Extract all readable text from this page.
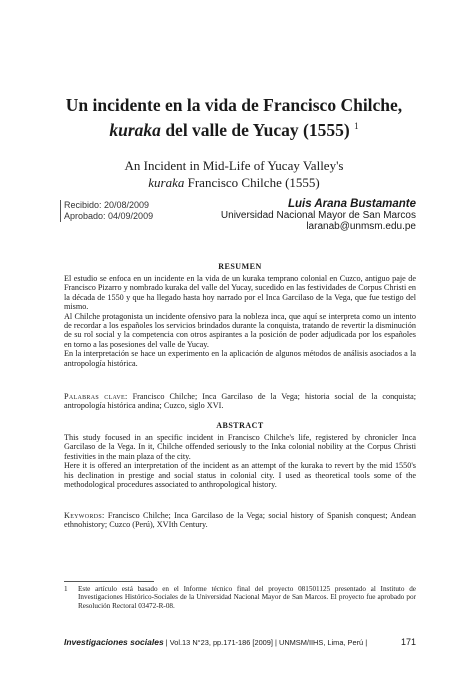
Un incidente en la vida de Francisco Chilche,
kuraka del valle de Yucay (1555) $^1$
An Incident in Mid-Life of Yucay Valley's
kuraka Francisco Chilche (1555)
Recibido: 20/08/2009
Aprobado: 04/09/2009
Luis Arana Bustamante
Universidad Nacional Mayor de San Marcos
laranab@unmsm.edu.pe
RESUMEN

El estudio se enfoca en un incidente en la vida de un kuraka temprano colonial en Cuzco, antiguo paje de Francisco Pizarro y nombrado kuraka del valle del Yucay, sucedido en las festividades de Corpus Christi en la década de 1550 y que ha llegado hasta hoy narrado por el Inca Garcilaso de la Vega, que fue testigo del mismo.

Al Chilche protagonista un incidente ofensivo para la nobleza inca, que aquí se interpreta como un intento de recordar a los españoles los servicios brindados durante la conquista, tratando de revertir la disminución de su rol social y la competencia con otros aspirantes a la posición de poder adjudicada por los españoles en torno a las posesiones del valle de Yucay.

En la interpretación se hace un experimento en la aplicación de algunos métodos de análisis asociados a la antropología histórica.

Palabras clave: Francisco Chilche; Inca Garcilaso de la Vega; historia social de la conquista; antropología histórica andina; Cuzco, siglo XVI.

ABSTRACT

This study focused in an specific incident in Francisco Chilche's life, registered by chronicler Inca Garcilaso de la Vega. In it, Chilche offended seriously to the Inka colonial nobility at the Corpus Christi festivities in the main plaza of the city.

Here it is offered an interpretation of the incident as an attempt of the kuraka to revert by the mid 1550's his declination in prestige and social status in colonial city. I used as theoretical tools some of the methodological procedures associated to anthropological history.

Keywords: Francisco Chilche; Inca Garcilaso de la Vega; social history of Spanish conquest; Andean ethnohistory; Cuzco (Perú), XVIth Century.

1 Este artículo está basado en el Informe técnico final del proyecto 081501125 presentado al Instituto de Investigaciones Histórico-Sociales de la Universidad Nacional Mayor de San Marcos. El proyecto fue aprobado por Resolución Rectoral 03472-R-08.
Investigaciones sociales | Vol.13 N°23, pp.171-186 [2009] | UNMSM/IIHS, Lima, Perú |	171
